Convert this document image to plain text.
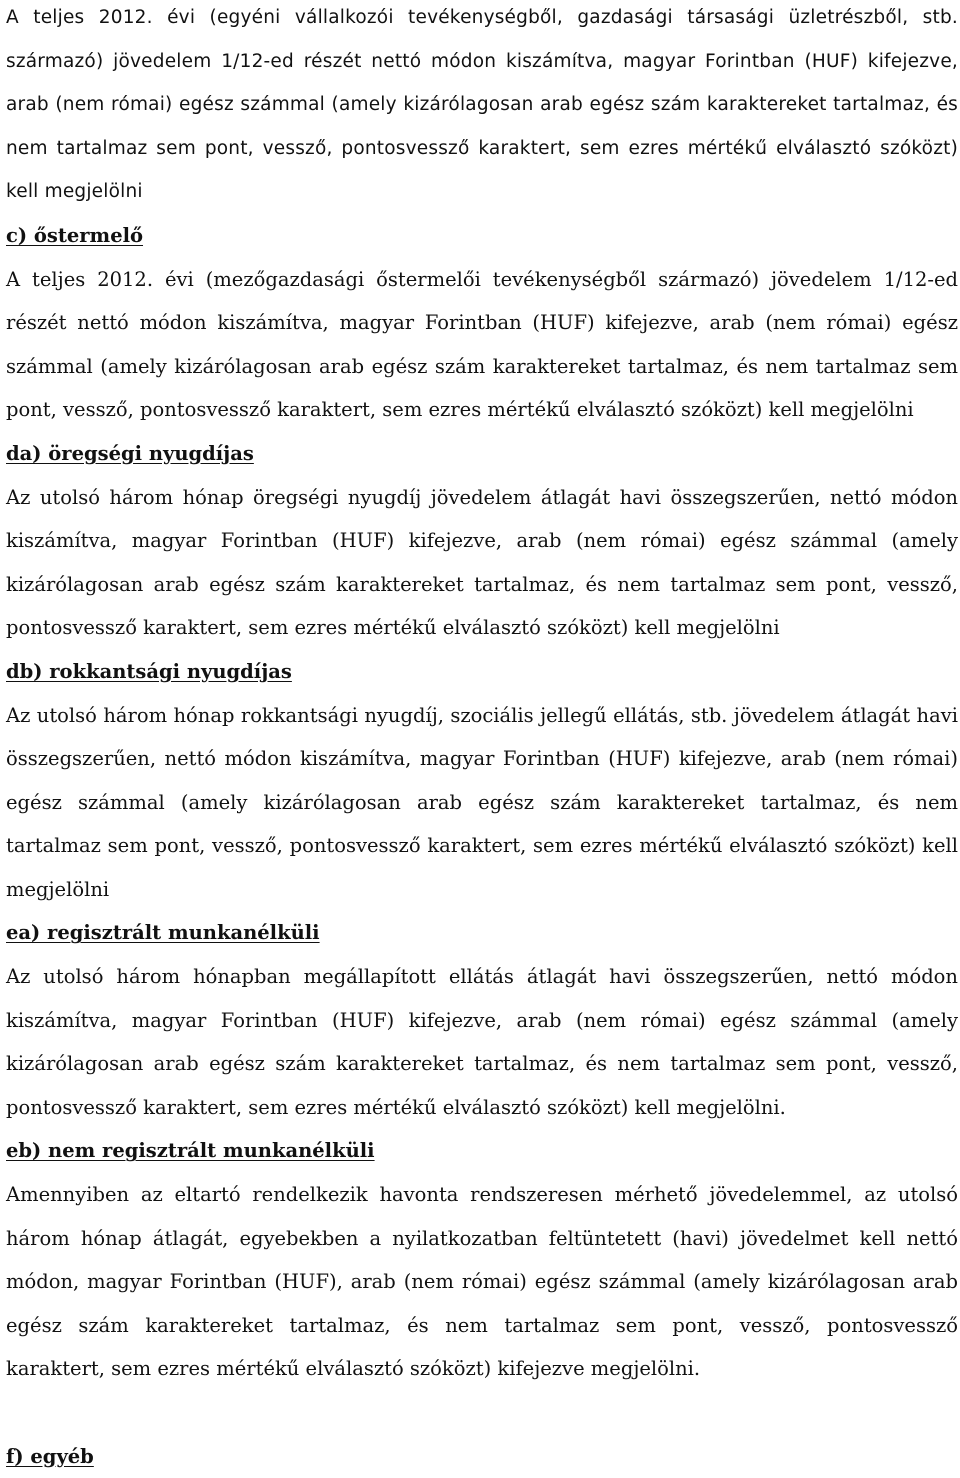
A teljes 2012. évi (egyéni vállalkozói tevékenységből, gazdasági társasági üzletrészből, stb. származó) jövedelem 1/12-ed részét nettó módon kiszámítva, magyar Forintban (HUF) kifejezve, arab (nem római) egész számmal (amely kizárólagosan arab egész szám karaktereket tartalmaz, és nem tartalmaz sem pont, vessző, pontosvessző karaktert, sem ezres mértékű elválasztó szóközt) kell megjelölni

c) őstermelő

A teljes 2012. évi (mezőgazdasági őstermelői tevékenységből származó) jövedelem 1/12-ed részét nettó módon kiszámítva, magyar Forintban (HUF) kifejezve, arab (nem római) egész számmal (amely kizárólagosan arab egész szám karaktereket tartalmaz, és nem tartalmaz sem pont, vessző, pontosvessző karaktert, sem ezres mértékű elválasztó szóközt) kell megjelölni

da) öregségi nyugdíjas

Az utolsó három hónap öregségi nyugdíj jövedelem átlagát havi összegszerűen, nettó módon kiszámítva, magyar Forintban (HUF) kifejezve, arab (nem római) egész számmal (amely kizárólagosan arab egész szám karaktereket tartalmaz, és nem tartalmaz sem pont, vessző, pontosvessző karaktert, sem ezres mértékű elválasztó szóközt) kell megjelölni

db) rokkantsági nyugdíjas

Az utolsó három hónap rokkantsági nyugdíj, szociális jellegű ellátás, stb. jövedelem átlagát havi összegszerűen, nettó módon kiszámítva, magyar Forintban (HUF) kifejezve, arab (nem római) egész számmal (amely kizárólagosan arab egész szám karaktereket tartalmaz, és nem tartalmaz sem pont, vessző, pontosvessző karaktert, sem ezres mértékű elválasztó szóközt) kell megjelölni

ea) regisztrált munkanélküli

Az utolsó három hónapban megállapított ellátás átlagát havi összegszerűen, nettó módon kiszámítva, magyar Forintban (HUF) kifejezve, arab (nem római) egész számmal (amely kizárólagosan arab egész szám karaktereket tartalmaz, és nem tartalmaz sem pont, vessző, pontosvessző karaktert, sem ezres mértékű elválasztó szóközt) kell megjelölni.

eb) nem regisztrált munkanélküli

Amennyiben az eltartó rendelkezik havonta rendszeresen mérhető jövedelemmel, az utolsó három hónap átlagát, egyebekben a nyilatkozatban feltüntetett (havi) jövedelmet kell nettó módon, magyar Forintban (HUF), arab (nem római) egész számmal (amely kizárólagosan arab egész szám karaktereket tartalmaz, és nem tartalmaz sem pont, vessző, pontosvessző karaktert, sem ezres mértékű elválasztó szóközt) kifejezve megjelölni.

f) egyéb
